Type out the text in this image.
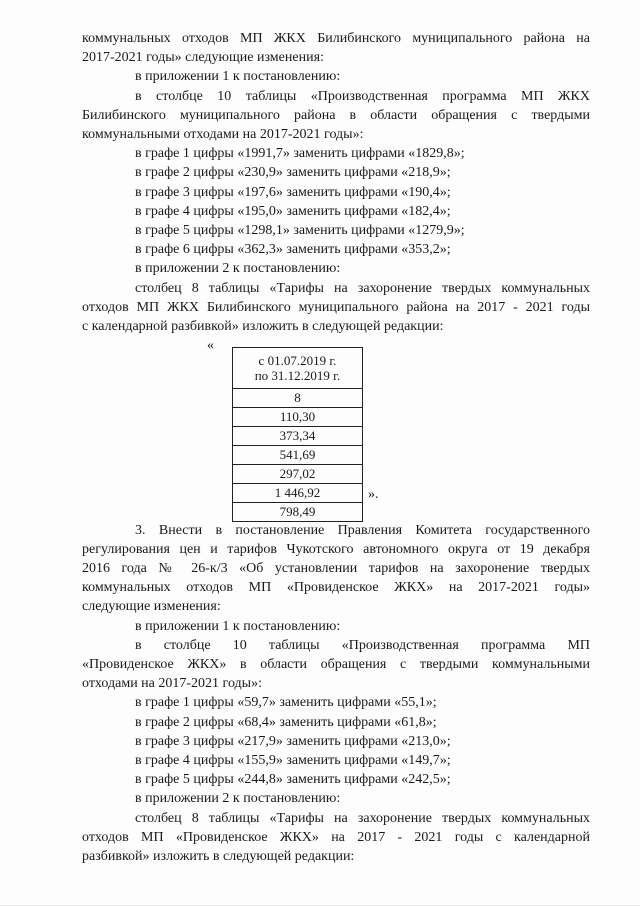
коммунальных отходов МП ЖКХ Билибинского муниципального района на
2017-2021 годы» следующие изменения:
в приложении 1 к постановлению:
в столбце 10 таблицы «Производственная программа МП ЖКХ
Билибинского муниципального района в области обращения с твердыми
коммунальными отходами на 2017-2021 годы»:
в графе 1 цифры «1991,7» заменить цифрами «1829,8»;
в графе 2 цифры «230,9» заменить цифрами «218,9»;
в графе 3 цифры «197,6» заменить цифрами «190,4»;
в графе 4 цифры «195,0» заменить цифрами «182,4»;
в графе 5 цифры «1298,1» заменить цифрами «1279,9»;
в графе 6 цифры «362,3» заменить цифрами «353,2»;
в приложении 2 к постановлению:
столбец 8 таблицы «Тарифы на захоронение твердых коммунальных
отходов МП ЖКХ Билибинского муниципального района на 2017 - 2021 годы
с календарной разбивкой» изложить в следующей редакции:
«
».
с 01.07.2019 г.
по 31.12.2019 г.
8
110,30
373,34
541,69
297,02
1 446,92
798,49
3. Внести в постановление Правления Комитета государственного
регулирования цен и тарифов Чукотского автономного округа от 19 декабря
2016 года № 26-к/3 «Об установлении тарифов на захоронение твердых
коммунальных отходов МП «Провиденское ЖКХ» на 2017-2021 годы»
следующие изменения:
в приложении 1 к постановлению:
в столбце 10 таблицы «Производственная программа МП
«Провиденское ЖКХ» в области обращения с твердыми коммунальными
отходами на 2017-2021 годы»:
в графе 1 цифры «59,7» заменить цифрами «55,1»;
в графе 2 цифры «68,4» заменить цифрами «61,8»;
в графе 3 цифры «217,9» заменить цифрами «213,0»;
в графе 4 цифры «155,9» заменить цифрами «149,7»;
в графе 5 цифры «244,8» заменить цифрами «242,5»;
в приложении 2 к постановлению:
столбец 8 таблицы «Тарифы на захоронение твердых коммунальных
отходов МП «Провиденское ЖКХ» на 2017 - 2021 годы с календарной
разбивкой» изложить в следующей редакции:
